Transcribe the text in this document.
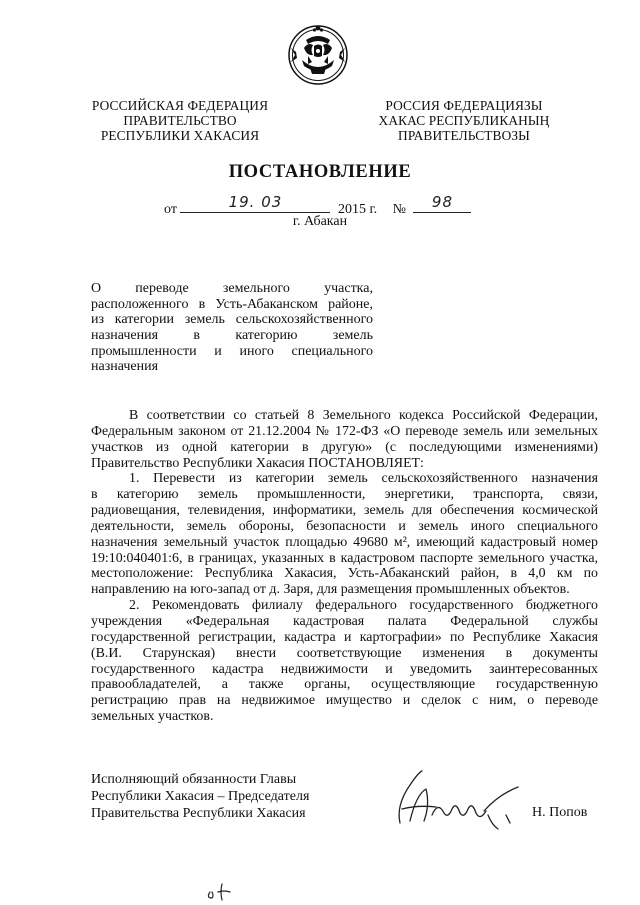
РОССИЙСКАЯ ФЕДЕРАЦИЯ
ПРАВИТЕЛЬСТВО
РЕСПУБЛИКИ ХАКАСИЯ
РОССИЯ ФЕДЕРАЦИЯЗЫ
ХАКАС РЕСПУБЛИКАНЫҢ
ПРАВИТЕЛЬСТВОЗЫ
ПОСТАНОВЛЕНИЕ
от	19. 03	2015 г. №	98
г. Абакан
О переводе земельного участка,
расположенного в Усть-Абаканском районе,
из категории земель сельскохозяйственного
назначения в категорию земель
промышленности и иного специального
назначения
В соответствии со статьей 8 Земельного кодекса Российской Федерации,
Федеральным законом от 21.12.2004 № 172-ФЗ «О переводе земель или земельных
участков из одной категории в другую» (с последующими изменениями)
Правительство Республики Хакасия ПОСТАНОВЛЯЕТ:
1. Перевести из категории земель сельскохозяйственного назначения
в категорию земель промышленности, энергетики, транспорта, связи,
радиовещания, телевидения, информатики, земель для обеспечения космической
деятельности, земель обороны, безопасности и земель иного специального
назначения земельный участок площадью 49680 м², имеющий кадастровый номер
19:10:040401:6, в границах, указанных в кадастровом паспорте земельного участка,
местоположение: Республика Хакасия, Усть-Абаканский район, в 4,0 км по
направлению на юго-запад от д. Заря, для размещения промышленных объектов.
2. Рекомендовать филиалу федерального государственного бюджетного
учреждения «Федеральная кадастровая палата Федеральной службы
государственной регистрации, кадастра и картографии» по Республике Хакасия
(В.И. Старунская) внести соответствующие изменения в документы
государственного кадастра недвижимости и уведомить заинтересованных
правообладателей, а также органы, осуществляющие государственную
регистрацию прав на недвижимое имущество и сделок с ним, о переводе
земельных участков.
Исполняющий обязанности Главы
Республики Хакасия – Председателя
Правительства Республики Хакасия	Н. Попов
